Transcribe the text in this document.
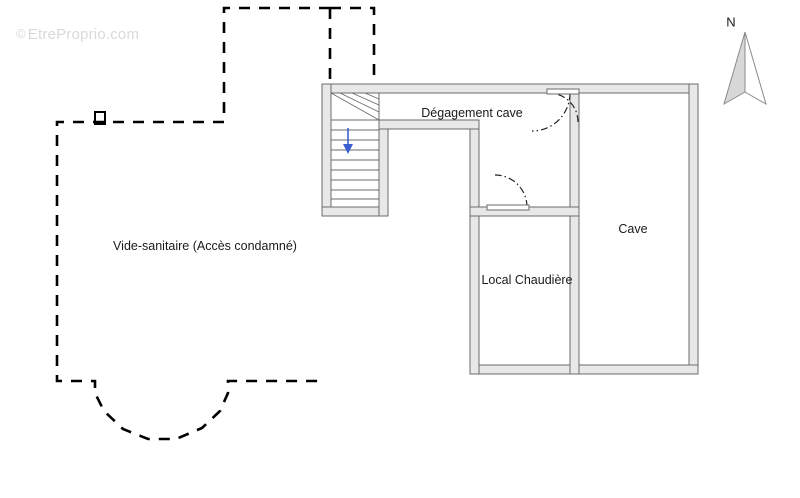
© EtreProprio.com
N
Dégagement cave
Cave
Local Chaudière
Vide-sanitaire (Accès condamné)
